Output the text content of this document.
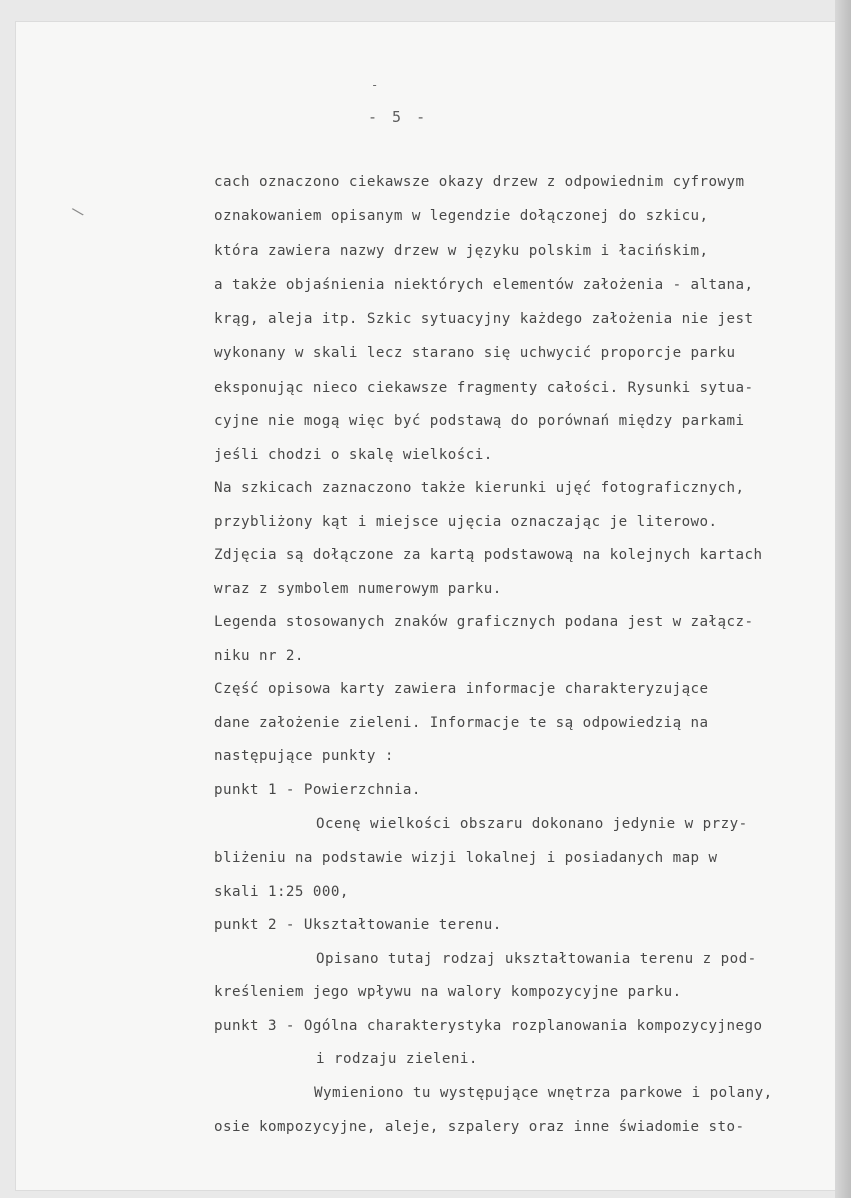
-
- 5 -
\
cach oznaczono ciekawsze okazy drzew z odpowiednim cyfrowym
oznakowaniem opisanym w legendzie dołączonej do szkicu,
która zawiera nazwy drzew w języku polskim i łacińskim,
a także objaśnienia niektórych elementów założenia - altana,
krąg, aleja itp. Szkic sytuacyjny każdego założenia nie jest
wykonany w skali lecz starano się uchwycić proporcje parku
eksponując nieco ciekawsze fragmenty całości. Rysunki sytua-
cyjne nie mogą więc być podstawą do porównań między parkami
jeśli chodzi o skalę wielkości.
Na szkicach zaznaczono także kierunki ujęć fotograficznych,
przybliżony kąt i miejsce ujęcia oznaczając je literowo.
Zdjęcia są dołączone za kartą podstawową na kolejnych kartach
wraz z symbolem numerowym parku.
Legenda stosowanych znaków graficznych podana jest w załącz-
niku nr 2.
Część opisowa karty zawiera informacje charakteryzujące
dane założenie zieleni. Informacje te są odpowiedzią na
następujące punkty :
punkt 1 - Powierzchnia.
Ocenę wielkości obszaru dokonano jedynie w przy-
bliżeniu na podstawie wizji lokalnej i posiadanych map w
skali 1:25 000,
punkt 2 - Ukształtowanie terenu.
Opisano tutaj rodzaj ukształtowania terenu z pod-
kreśleniem jego wpływu na walory kompozycyjne parku.
punkt 3 - Ogólna charakterystyka rozplanowania kompozycyjnego
i rodzaju zieleni.
Wymieniono tu występujące wnętrza parkowe i polany,
osie kompozycyjne, aleje, szpalery oraz inne świadomie sto-
